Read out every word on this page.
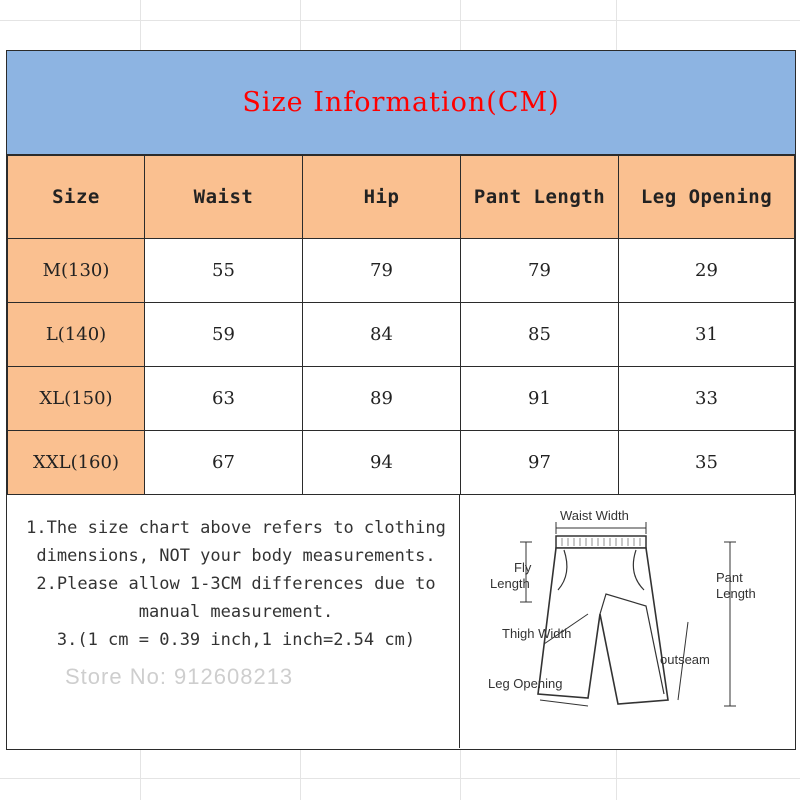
Size Information(CM)
Size	Waist	Hip	Pant Length	Leg Opening
M(130)	55	79	79	29
L(140)	59	84	85	31
XL(150)	63	89	91	33
XXL(160)	67	94	97	35

1.The size chart above refers to clothing dimensions, NOT your body measurements.

2.Please allow 1-3CM differences due to manual measurement.

3.(1 cm = 0.39 inch,1 inch=2.54 cm)

Store No: 912608213
Waist Width
Fly
Length	Pant
Length
Thigh Width
outseam
Leg Opening
